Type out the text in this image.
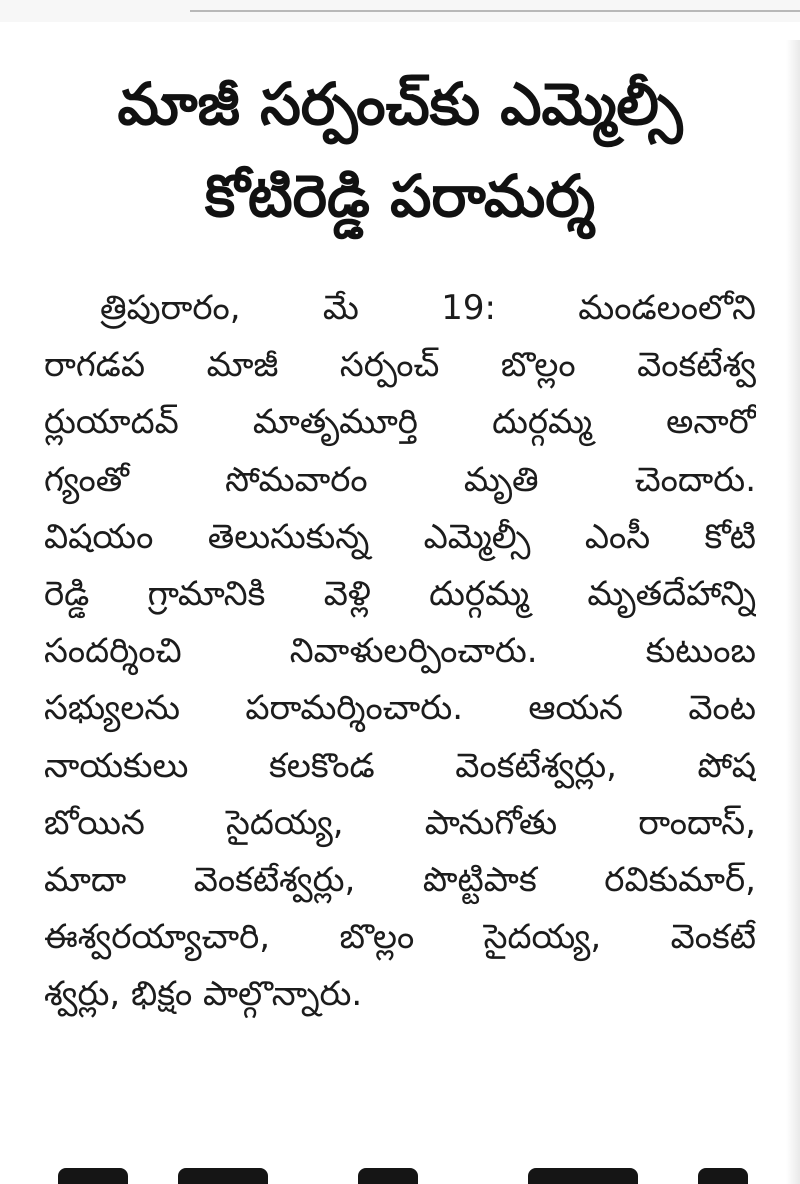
మాజీ సర్పంచ్‌కు ఎమ్మెల్సీ
కోటిరెడ్డి పరామర్శ
త్రిపురారం, మే 19: మండలంలోని
రాగడప మాజీ సర్పంచ్ బొల్లం వెంకటేశ్వ
ర్లుయాదవ్ మాతృమూర్తి దుర్గమ్మ అనారో
గ్యంతో సోమవారం మృతి చెందారు.
విషయం తెలుసుకున్న ఎమ్మెల్సీ ఎంసీ కోటి
రెడ్డి గ్రామానికి వెళ్లి దుర్గమ్మ మృతదేహాన్ని
సందర్శించి నివాళులర్పించారు. కుటుంబ
సభ్యులను పరామర్శించారు. ఆయన వెంట
నాయకులు కలకొండ వెంకటేశ్వర్లు, పోష
బోయిన సైదయ్య, పానుగోతు రాందాస్,
మాదా వెంకటేశ్వర్లు, పొట్టిపాక రవికుమార్,
ఈశ్వరయ్యాచారి, బొల్లం సైదయ్య, వెంకటే
శ్వర్లు, భిక్షం పాల్గొన్నారు.
